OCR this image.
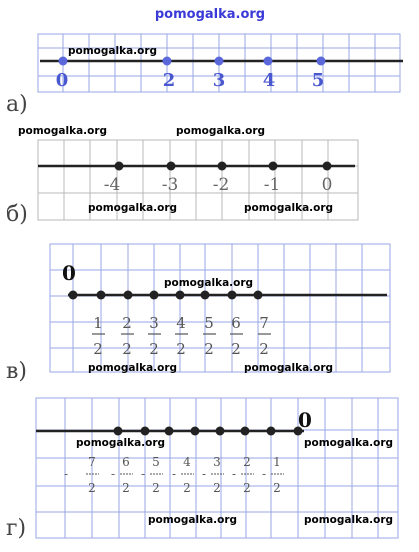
pomogalka.org
0	2 3 4 5
а)
pomogalka.org
pomogalka.org	pomogalka.org
-4 -3 -2 -1 0
б)	pomogalka.org	pomogalka.org
0
1
2
2
2
3
2
4
2
5
2
6
2
7
2
в)
pomogalka.org
pomogalka.org	pomogalka.org
0
-
7
2
-
6
2
-
5
2
-
4
2
-
3
2
-
2
2
-
1
2
г)
pomogalka.org	pomogalka.org
pomogalka.org	pomogalka.org
